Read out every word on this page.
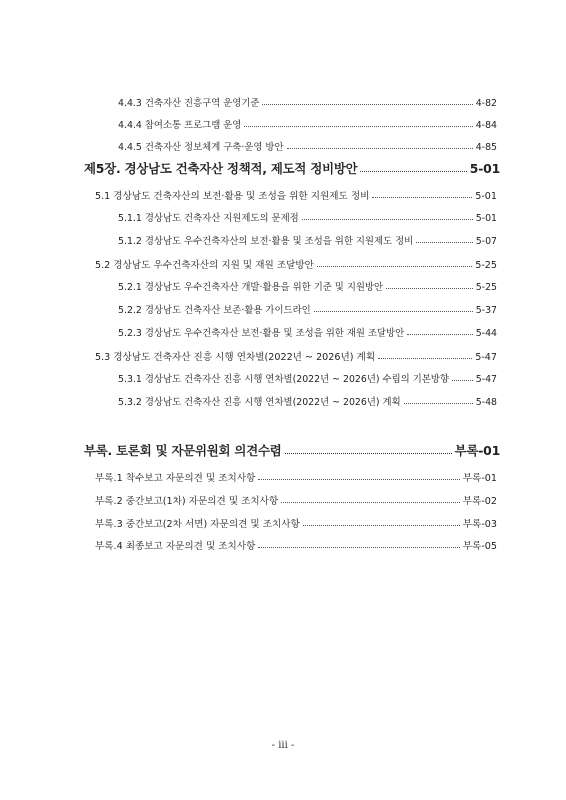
4.4.3 건축자산 진흥구역 운영기준	4-82
4.4.4 참여소통 프로그램 운영	4-84
4.4.5 건축자산 정보체계 구축·운영 방안	4-85
제5장. 경상남도 건축자산 정책적, 제도적 정비방안	5-01
5.1 경상남도 건축자산의 보전·활용 및 조성을 위한 지원제도 정비	5-01
5.1.1 경상남도 건축자산 지원제도의 문제점	5-01
5.1.2 경상남도 우수건축자산의 보전·활용 및 조성을 위한 지원제도 정비	5-07
5.2 경상남도 우수건축자산의 지원 및 재원 조달방안	5-25
5.2.1 경상남도 우수건축자산 개발·활용을 위한 기준 및 지원방안	5-25
5.2.2 경상남도 건축자산 보존·활용 가이드라인	5-37
5.2.3 경상남도 우수건축자산 보전·활용 및 조성을 위한 재원 조달방안	5-44
5.3 경상남도 건축자산 진흥 시행 연차별(2022년 ~ 2026년) 계획	5-47
5.3.1 경상남도 건축자산 진흥 시행 연차별(2022년 ~ 2026년) 수립의 기본방향	5-47
5.3.2 경상남도 건축자산 진흥 시행 연차별(2022년 ~ 2026년) 계획	5-48
부록. 토론회 및 자문위원회 의견수렴	부록-01
부록.1 착수보고 자문의견 및 조치사항	부록-01
부록.2 중간보고(1차) 자문의견 및 조치사항	부록-02
부록.3 중간보고(2차 서면) 자문의견 및 조치사항	부록-03
부록.4 최종보고 자문의견 및 조치사항	부록-05
- iii -
